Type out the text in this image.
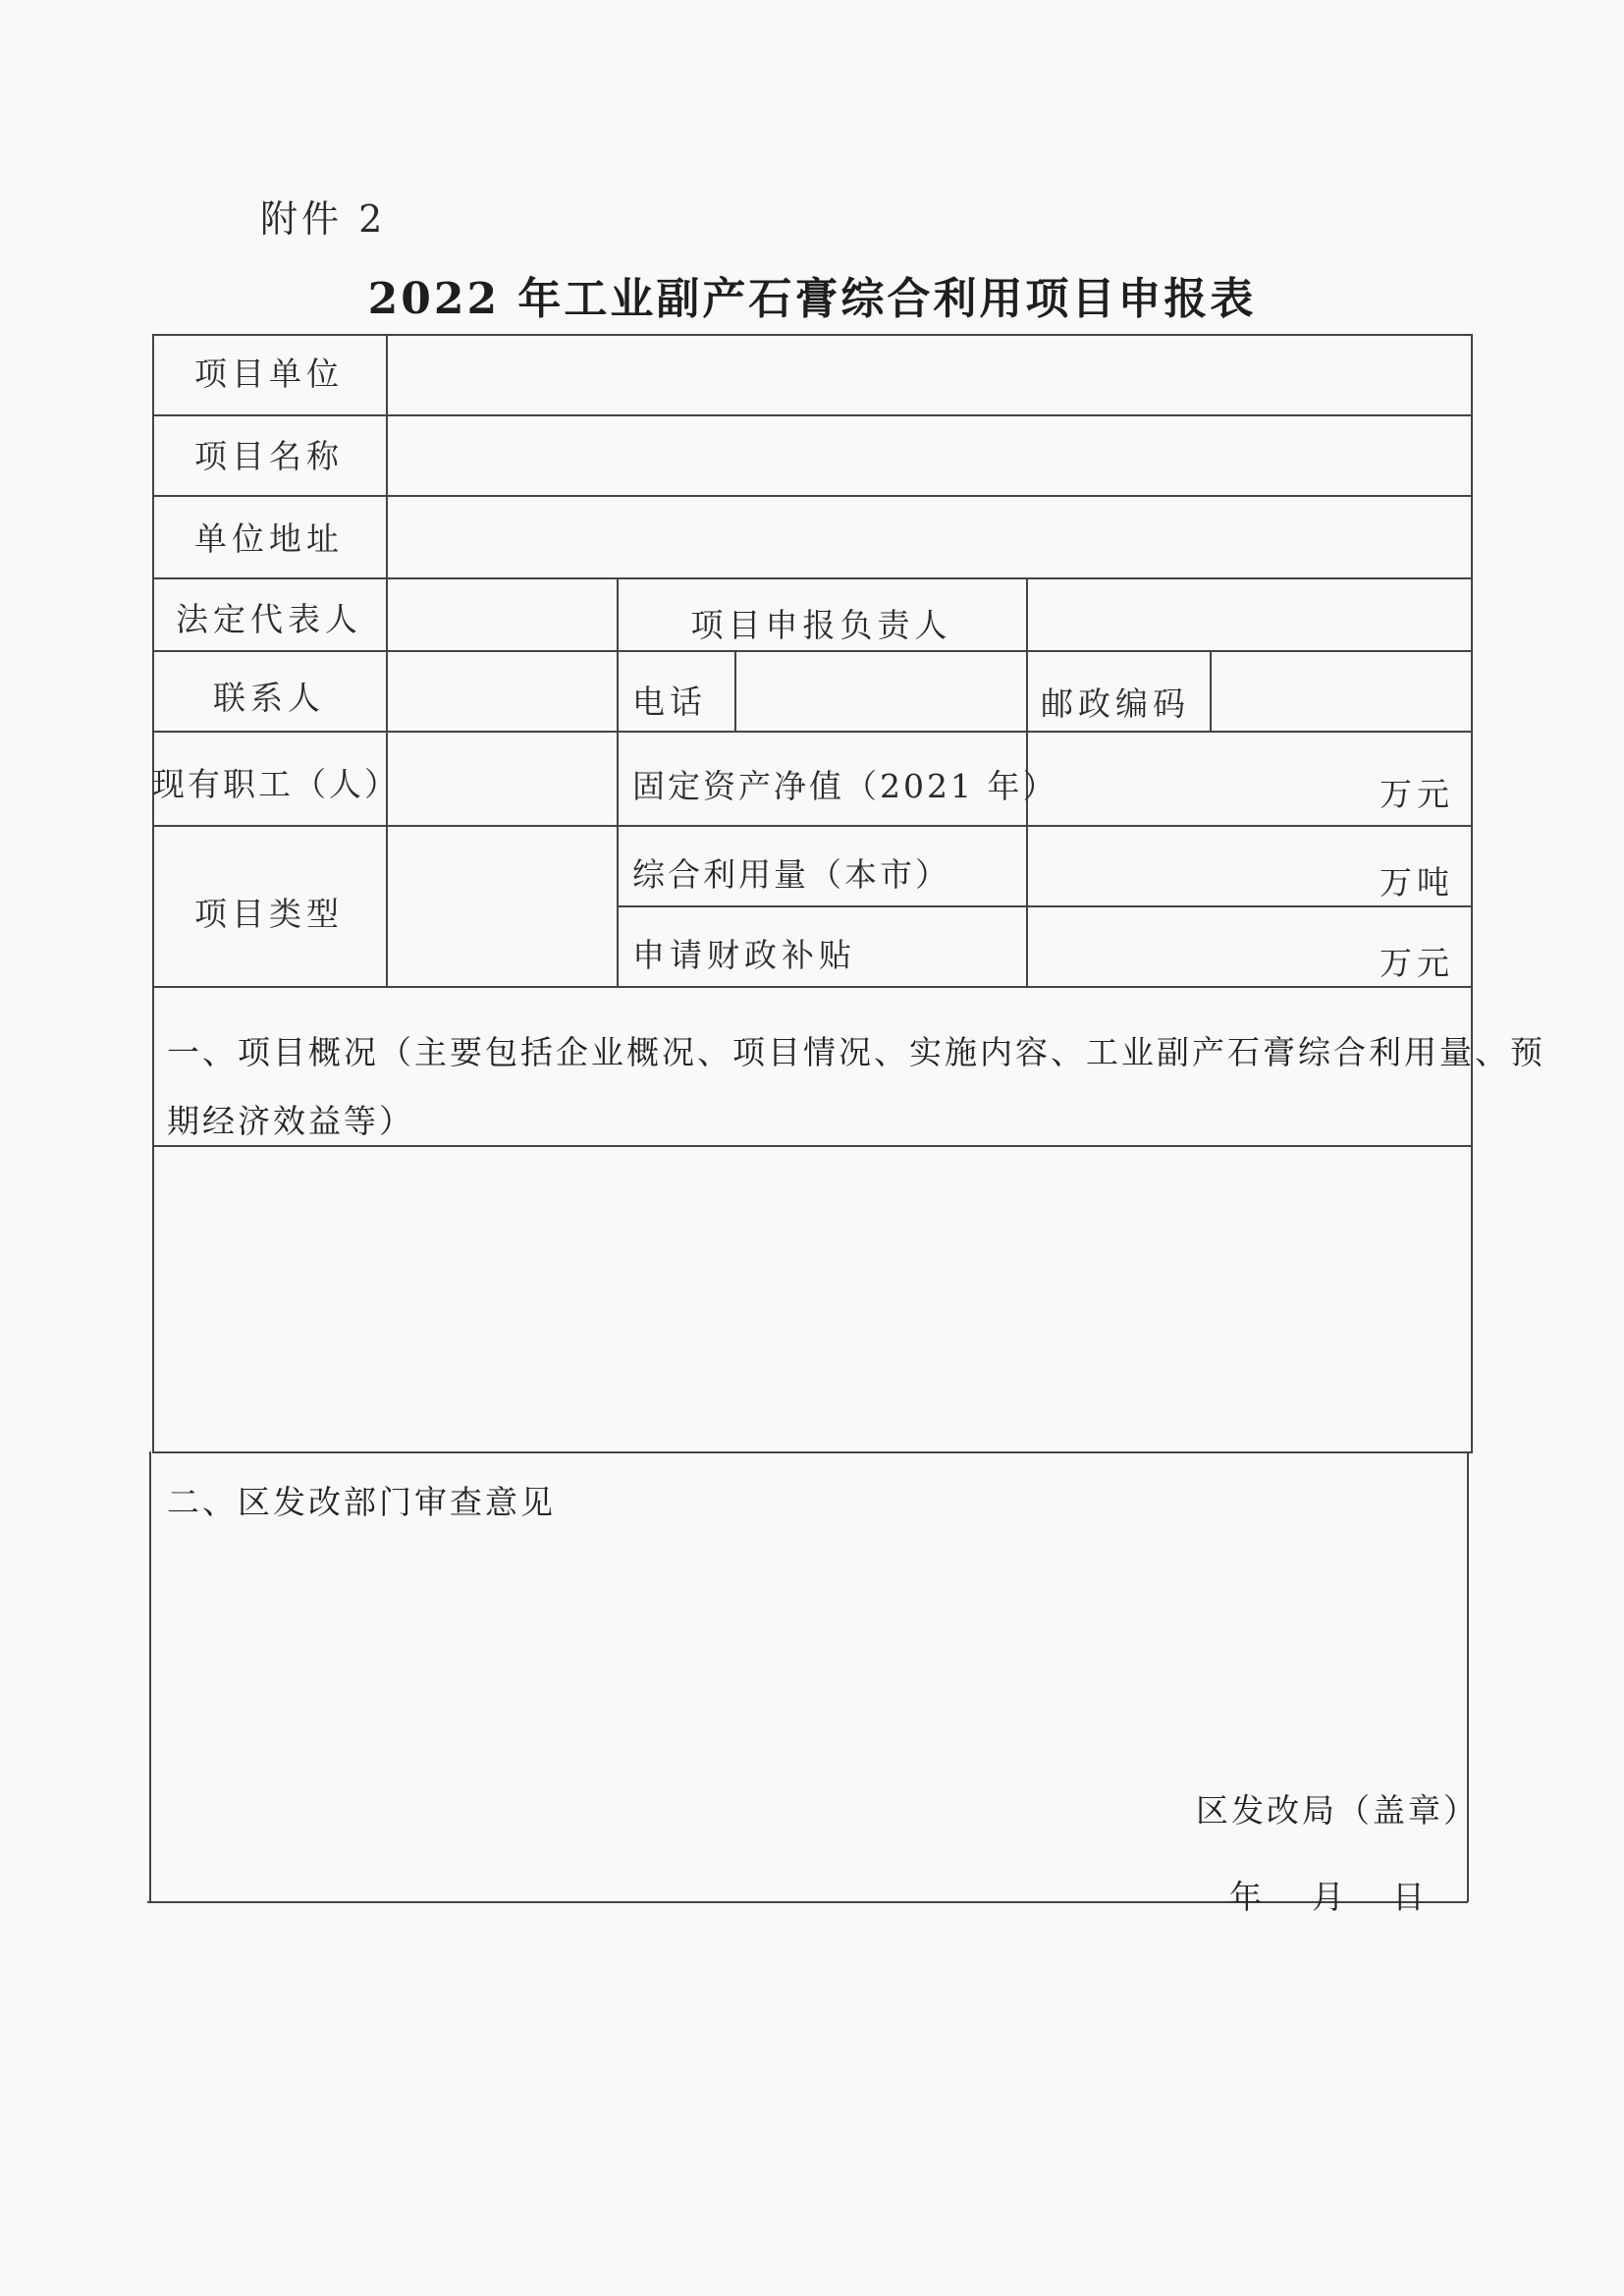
附件 2
2022 年工业副产石膏综合利用项目申报表
项目单位
项目名称
单位地址
法定代表人	项目申报负责人
联系人	电话	邮政编码
现有职工（人）	固定资产净值（2021 年）	万元
项目类型
综合利用量（本市）	万吨
申请财政补贴	万元
一、项目概况（主要包括企业概况、项目情况、实施内容、工业副产石膏综合利用量、预
期经济效益等）
二、区发改部门审查意见
区发改局（盖章）
年 月 日
